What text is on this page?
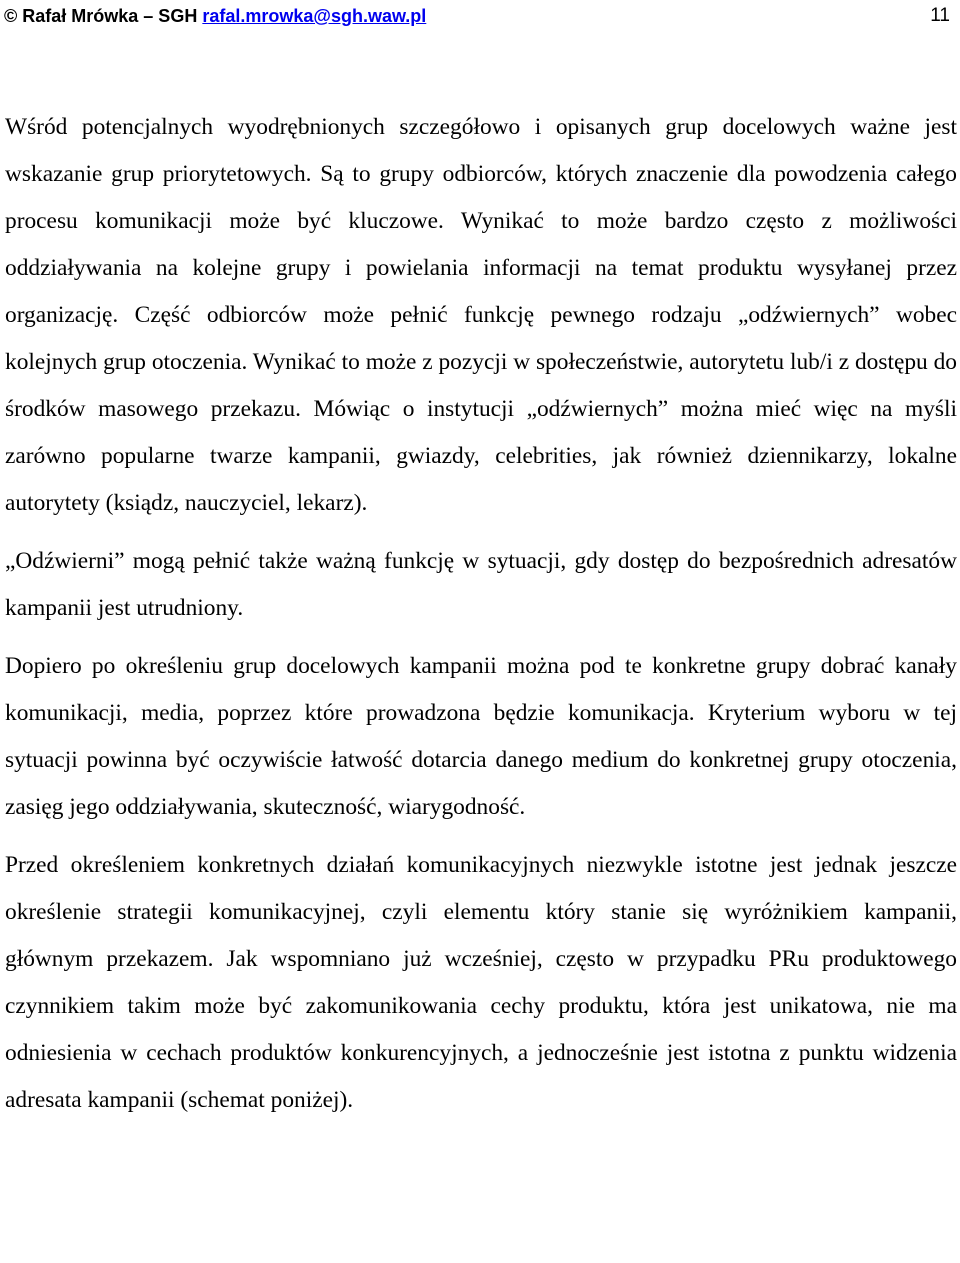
© Rafał Mrówka – SGH rafal.mrowka@sgh.waw.pl	11

Wśród potencjalnych wyodrębnionych szczegółowo i opisanych grup docelowych ważne jest wskazanie grup priorytetowych. Są to grupy odbiorców, których znaczenie dla powodzenia całego procesu komunikacji może być kluczowe. Wynikać to może bardzo często z możliwości oddziaływania na kolejne grupy i powielania informacji na temat produktu wysyłanej przez organizację. Część odbiorców może pełnić funkcję pewnego rodzaju „odźwiernych” wobec kolejnych grup otoczenia. Wynikać to może z pozycji w społeczeństwie, autorytetu lub/i z dostępu do środków masowego przekazu. Mówiąc o instytucji „odźwiernych” można mieć więc na myśli zarówno popularne twarze kampanii, gwiazdy, celebrities, jak również dziennikarzy, lokalne autorytety (ksiądz, nauczyciel, lekarz).

„Odźwierni” mogą pełnić także ważną funkcję w sytuacji, gdy dostęp do bezpośrednich adresatów kampanii jest utrudniony.

Dopiero po określeniu grup docelowych kampanii można pod te konkretne grupy dobrać kanały komunikacji, media, poprzez które prowadzona będzie komunikacja. Kryterium wyboru w tej sytuacji powinna być oczywiście łatwość dotarcia danego medium do konkretnej grupy otoczenia, zasięg jego oddziaływania, skuteczność, wiarygodność.

Przed określeniem konkretnych działań komunikacyjnych niezwykle istotne jest jednak jeszcze określenie strategii komunikacyjnej, czyli elementu który stanie się wyróżnikiem kampanii, głównym przekazem. Jak wspomniano już wcześniej, często w przypadku PRu produktowego czynnikiem takim może być zakomunikowania cechy produktu, która jest unikatowa, nie ma odniesienia w cechach produktów konkurencyjnych, a jednocześnie jest istotna z punktu widzenia adresata kampanii (schemat poniżej).
